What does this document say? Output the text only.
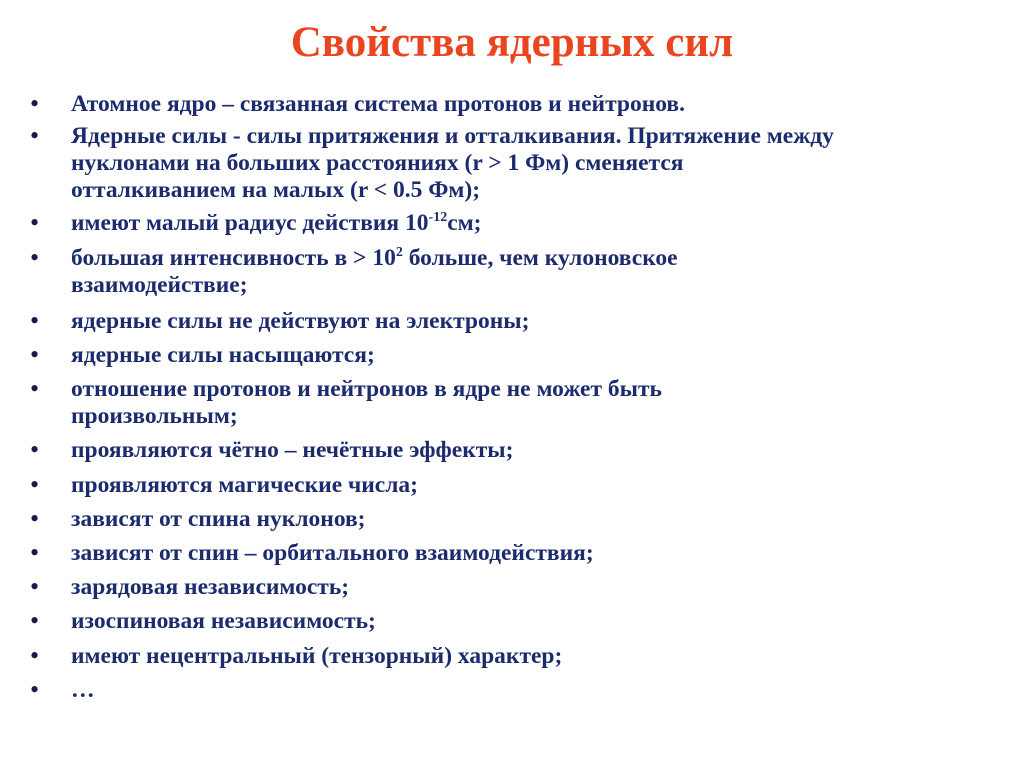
Свойства ядерных сил
• Атомное ядро – связанная система протонов и нейтронов.
• Ядерные силы - силы притяжения и отталкивания. Притяжение между
нуклонами на больших расстояниях (r > 1 Фм) сменяется
отталкиванием на малых (r < 0.5 Фм);
• имеют малый радиус действия $10^{-12}см$;
• большая интенсивность $в > 10^2$ больше, чем кулоновское
взаимодействие;
• ядерные силы не действуют на электроны;
• ядерные силы насыщаются;
• отношение протонов и нейтронов в ядре не может быть
произвольным;
• проявляются чётно – нечётные эффекты;
• проявляются магические числа;
• зависят от спина нуклонов;
• зависят от спин – орбитального взаимодействия;
• зарядовая независимость;
• изоспиновая независимость;
• имеют нецентральный (тензорный) характер;
• …
